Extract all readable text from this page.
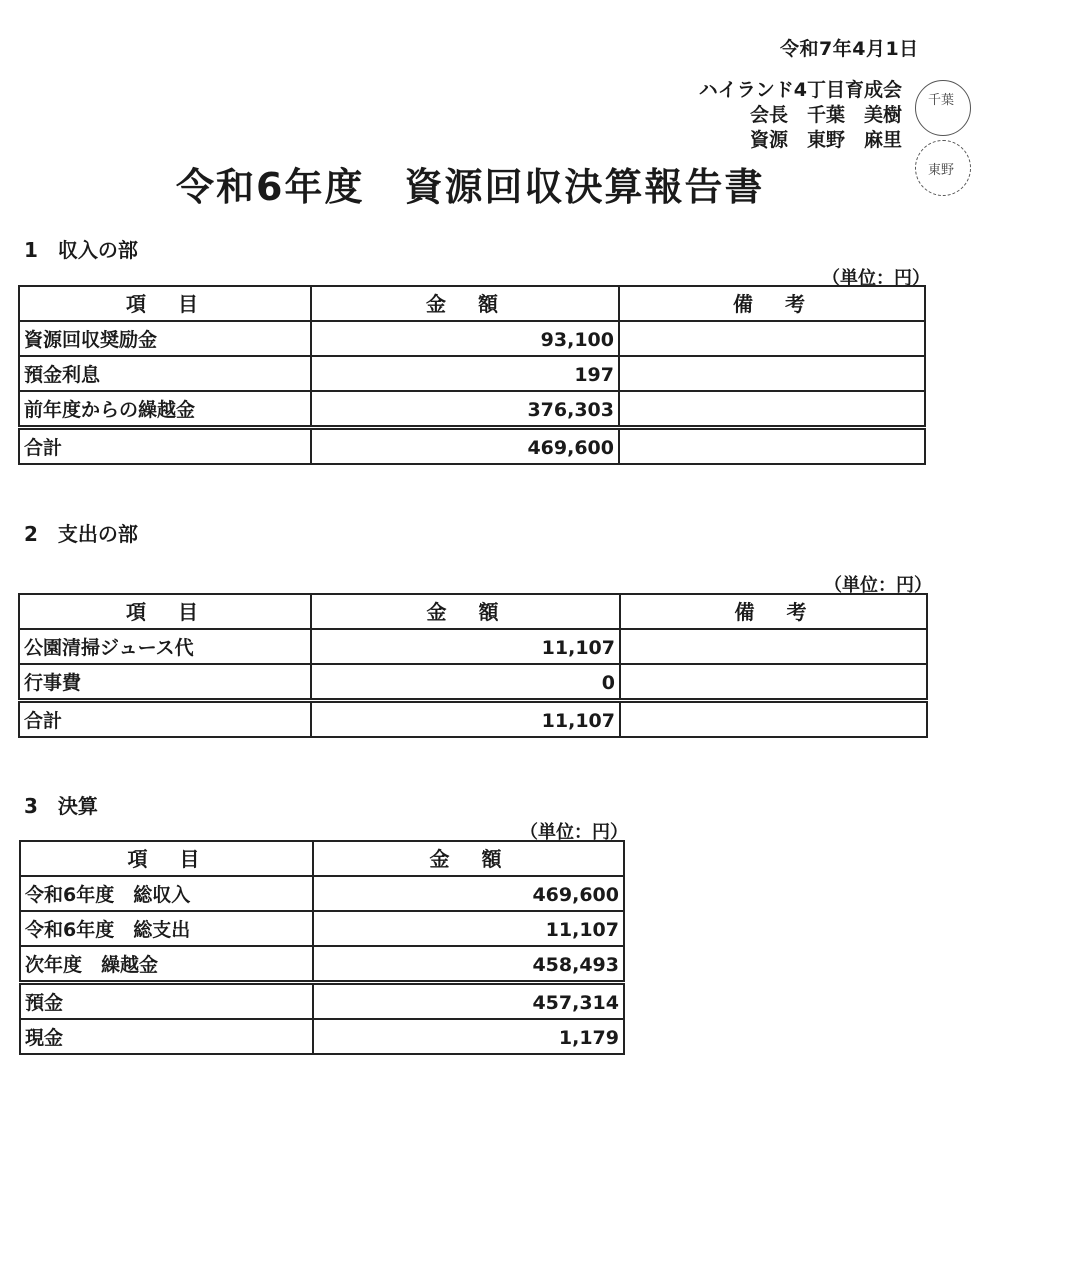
令和7年4月1日
ハイランド4丁目育成会
会長　千葉　美樹
資源　東野　麻里
千葉
東野
令和6年度　資源回収決算報告書
1　収入の部
（単位：円）
項　目	金　額	備　考
資源回収奨励金	93,100	
預金利息	197	
前年度からの繰越金	376,303	
合計	469,600	
2　支出の部
（単位：円）
項　目	金　額	備　考
公園清掃ジュース代	11,107	
行事費	0	
合計	11,107	
3　決算
（単位：円）
項　目	金　額
令和6年度　総収入	469,600
令和6年度　総支出	11,107
次年度　繰越金	458,493
預金	457,314
現金	1,179
